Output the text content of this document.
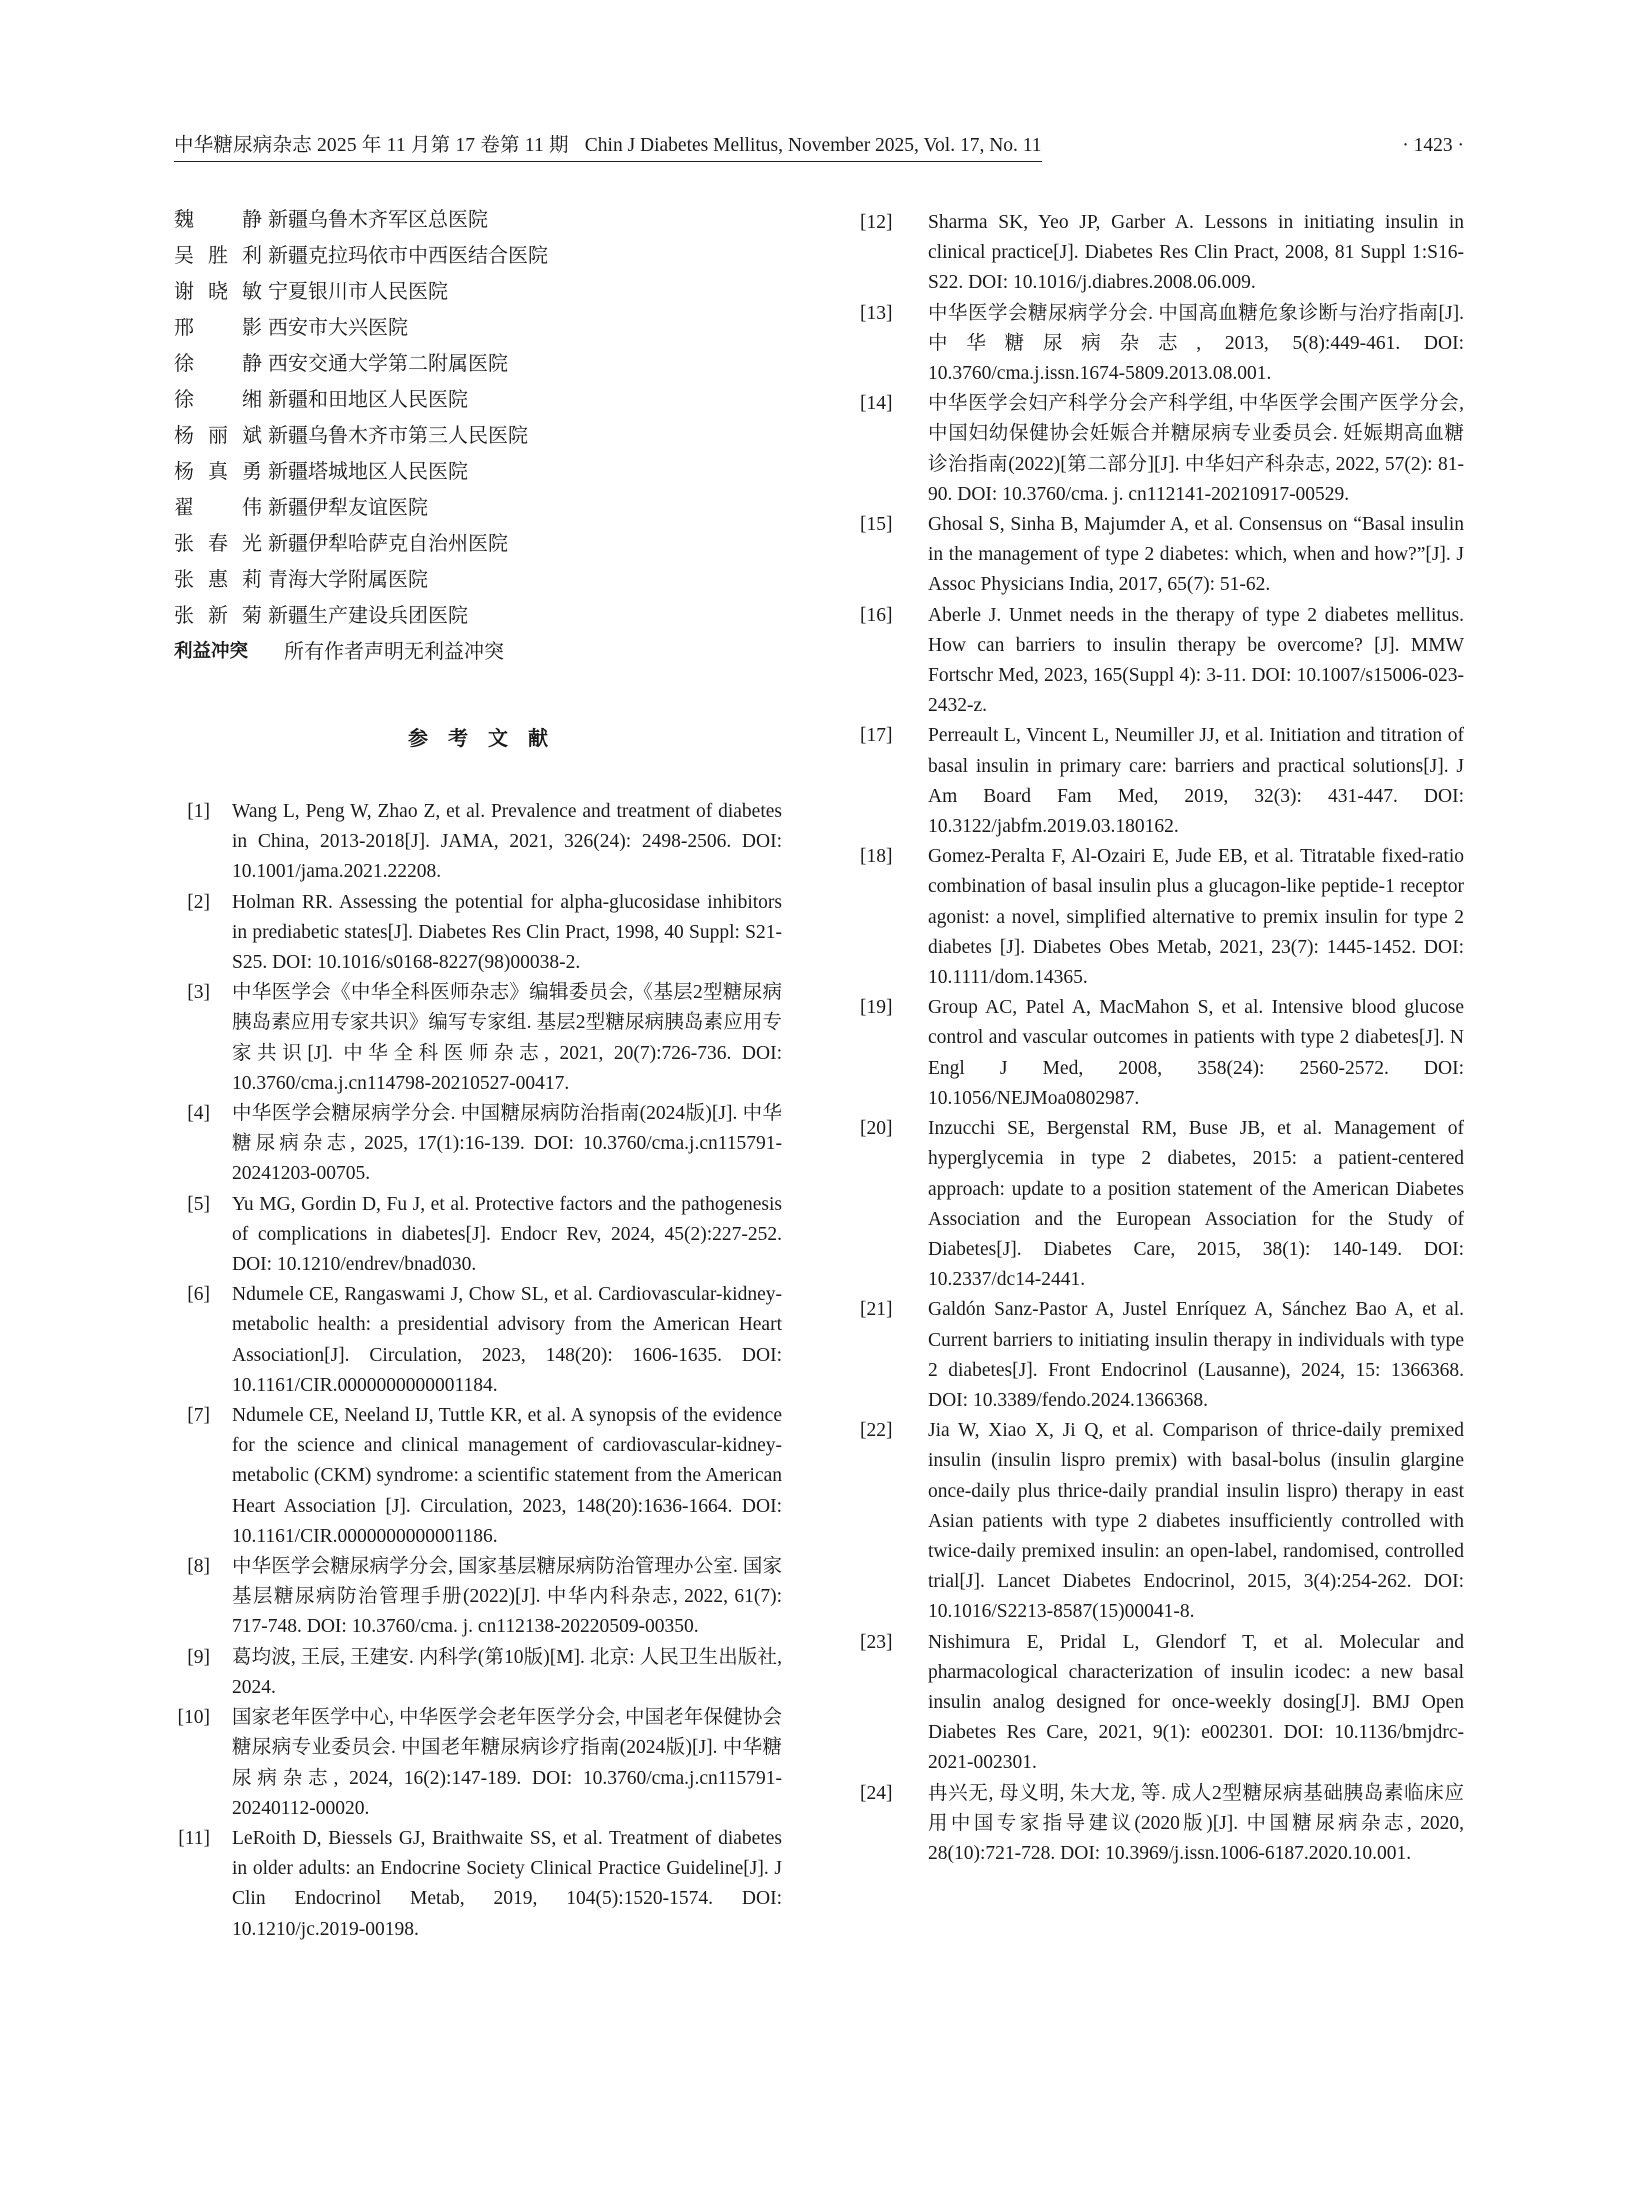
中华糖尿病杂志 2025 年 11 月第 17 卷第 11 期 Chin J Diabetes Mellitus, November 2025, Vol. 17, No. 11	· 1423 ·
魏 静 新疆乌鲁木齐军区总医院
吴胜利 新疆克拉玛依市中西医结合医院
谢晓敏 宁夏银川市人民医院
邢 影 西安市大兴医院
徐 静 西安交通大学第二附属医院
徐 缃 新疆和田地区人民医院
杨丽斌 新疆乌鲁木齐市第三人民医院
杨真勇 新疆塔城地区人民医院
翟 伟 新疆伊犁友谊医院
张春光 新疆伊犁哈萨克自治州医院
张惠莉 青海大学附属医院
张新菊 新疆生产建设兵团医院
利益冲突	所有作者声明无利益冲突
参考文献
[1]	Wang L, Peng W, Zhao Z, et al. Prevalence and treatment of diabetes in China, 2013-2018[J]. JAMA, 2021, 326(24): 2498-2506. DOI: 10.1001/jama.2021.22208.
[2]	Holman RR. Assessing the potential for alpha-glucosidase inhibitors in prediabetic states[J]. Diabetes Res Clin Pract, 1998, 40 Suppl: S21-S25. DOI: 10.1016/s0168-8227(98)00038-2.
[3]	中华医学会《中华全科医师杂志》编辑委员会,《基层2型糖尿病胰岛素应用专家共识》编写专家组. 基层2型糖尿病胰岛素应用专家共识[J]. 中华全科医师杂志, 2021, 20(7):726-736. DOI: 10.3760/cma.j.cn114798-20210527-00417.
[4]	中华医学会糖尿病学分会. 中国糖尿病防治指南(2024版)[J]. 中华糖尿病杂志, 2025, 17(1):16-139. DOI: 10.3760/cma.j.cn115791-20241203-00705.
[5]	Yu MG, Gordin D, Fu J, et al. Protective factors and the pathogenesis of complications in diabetes[J]. Endocr Rev, 2024, 45(2):227-252. DOI: 10.1210/endrev/bnad030.
[6]	Ndumele CE, Rangaswami J, Chow SL, et al. Cardiovascular-kidney-metabolic health: a presidential advisory from the American Heart Association[J]. Circulation, 2023, 148(20): 1606-1635. DOI: 10.1161/CIR.0000000000001184.
[7]	Ndumele CE, Neeland IJ, Tuttle KR, et al. A synopsis of the evidence for the science and clinical management of cardiovascular-kidney-metabolic (CKM) syndrome: a scientific statement from the American Heart Association [J]. Circulation, 2023, 148(20):1636-1664. DOI: 10.1161/CIR.0000000000001186.
[8]	中华医学会糖尿病学分会, 国家基层糖尿病防治管理办公室. 国家基层糖尿病防治管理手册(2022)[J]. 中华内科杂志, 2022, 61(7): 717-748. DOI: 10.3760/cma. j. cn112138-20220509-00350.
[9]	葛均波, 王辰, 王建安. 内科学(第10版)[M]. 北京: 人民卫生出版社, 2024.
[10]	国家老年医学中心, 中华医学会老年医学分会, 中国老年保健协会糖尿病专业委员会. 中国老年糖尿病诊疗指南(2024版)[J]. 中华糖尿病杂志, 2024, 16(2):147-189. DOI: 10.3760/cma.j.cn115791-20240112-00020.
[11]	LeRoith D, Biessels GJ, Braithwaite SS, et al. Treatment of diabetes in older adults: an Endocrine Society Clinical Practice Guideline[J]. J Clin Endocrinol Metab, 2019, 104(5):1520-1574. DOI: 10.1210/jc.2019-00198.
[12]	Sharma SK, Yeo JP, Garber A. Lessons in initiating insulin in clinical practice[J]. Diabetes Res Clin Pract, 2008, 81 Suppl 1:S16-S22. DOI: 10.1016/j.diabres.2008.06.009.
[13]	中华医学会糖尿病学分会. 中国高血糖危象诊断与治疗指南[J]. 中华糖尿病杂志, 2013, 5(8):449-461. DOI: 10.3760/cma.j.issn.1674-5809.2013.08.001.
[14]	中华医学会妇产科学分会产科学组, 中华医学会围产医学分会, 中国妇幼保健协会妊娠合并糖尿病专业委员会. 妊娠期高血糖诊治指南(2022)[第二部分][J]. 中华妇产科杂志, 2022, 57(2): 81-90. DOI: 10.3760/cma. j. cn112141-20210917-00529.
[15]	Ghosal S, Sinha B, Majumder A, et al. Consensus on “Basal insulin in the management of type 2 diabetes: which, when and how?”[J]. J Assoc Physicians India, 2017, 65(7): 51-62.
[16]	Aberle J. Unmet needs in the therapy of type 2 diabetes mellitus. How can barriers to insulin therapy be overcome? [J]. MMW Fortschr Med, 2023, 165(Suppl 4): 3-11. DOI: 10.1007/s15006-023-2432-z.
[17]	Perreault L, Vincent L, Neumiller JJ, et al. Initiation and titration of basal insulin in primary care: barriers and practical solutions[J]. J Am Board Fam Med, 2019, 32(3): 431-447. DOI: 10.3122/jabfm.2019.03.180162.
[18]	Gomez-Peralta F, Al-Ozairi E, Jude EB, et al. Titratable fixed-ratio combination of basal insulin plus a glucagon-like peptide-1 receptor agonist: a novel, simplified alternative to premix insulin for type 2 diabetes [J]. Diabetes Obes Metab, 2021, 23(7): 1445-1452. DOI: 10.1111/dom.14365.
[19]	Group AC, Patel A, MacMahon S, et al. Intensive blood glucose control and vascular outcomes in patients with type 2 diabetes[J]. N Engl J Med, 2008, 358(24): 2560-2572. DOI: 10.1056/NEJMoa0802987.
[20]	Inzucchi SE, Bergenstal RM, Buse JB, et al. Management of hyperglycemia in type 2 diabetes, 2015: a patient-centered approach: update to a position statement of the American Diabetes Association and the European Association for the Study of Diabetes[J]. Diabetes Care, 2015, 38(1): 140-149. DOI: 10.2337/dc14-2441.
[21]	Galdón Sanz-Pastor A, Justel Enríquez A, Sánchez Bao A, et al. Current barriers to initiating insulin therapy in individuals with type 2 diabetes[J]. Front Endocrinol (Lausanne), 2024, 15: 1366368. DOI: 10.3389/fendo.2024.1366368.
[22]	Jia W, Xiao X, Ji Q, et al. Comparison of thrice-daily premixed insulin (insulin lispro premix) with basal-bolus (insulin glargine once-daily plus thrice-daily prandial insulin lispro) therapy in east Asian patients with type 2 diabetes insufficiently controlled with twice-daily premixed insulin: an open-label, randomised, controlled trial[J]. Lancet Diabetes Endocrinol, 2015, 3(4):254-262. DOI: 10.1016/S2213-8587(15)00041-8.
[23]	Nishimura E, Pridal L, Glendorf T, et al. Molecular and pharmacological characterization of insulin icodec: a new basal insulin analog designed for once-weekly dosing[J]. BMJ Open Diabetes Res Care, 2021, 9(1): e002301. DOI: 10.1136/bmjdrc-2021-002301.
[24]	冉兴无, 母义明, 朱大龙, 等. 成人2型糖尿病基础胰岛素临床应用中国专家指导建议(2020版)[J]. 中国糖尿病杂志, 2020, 28(10):721-728. DOI: 10.3969/j.issn.1006-6187.2020.10.001.
